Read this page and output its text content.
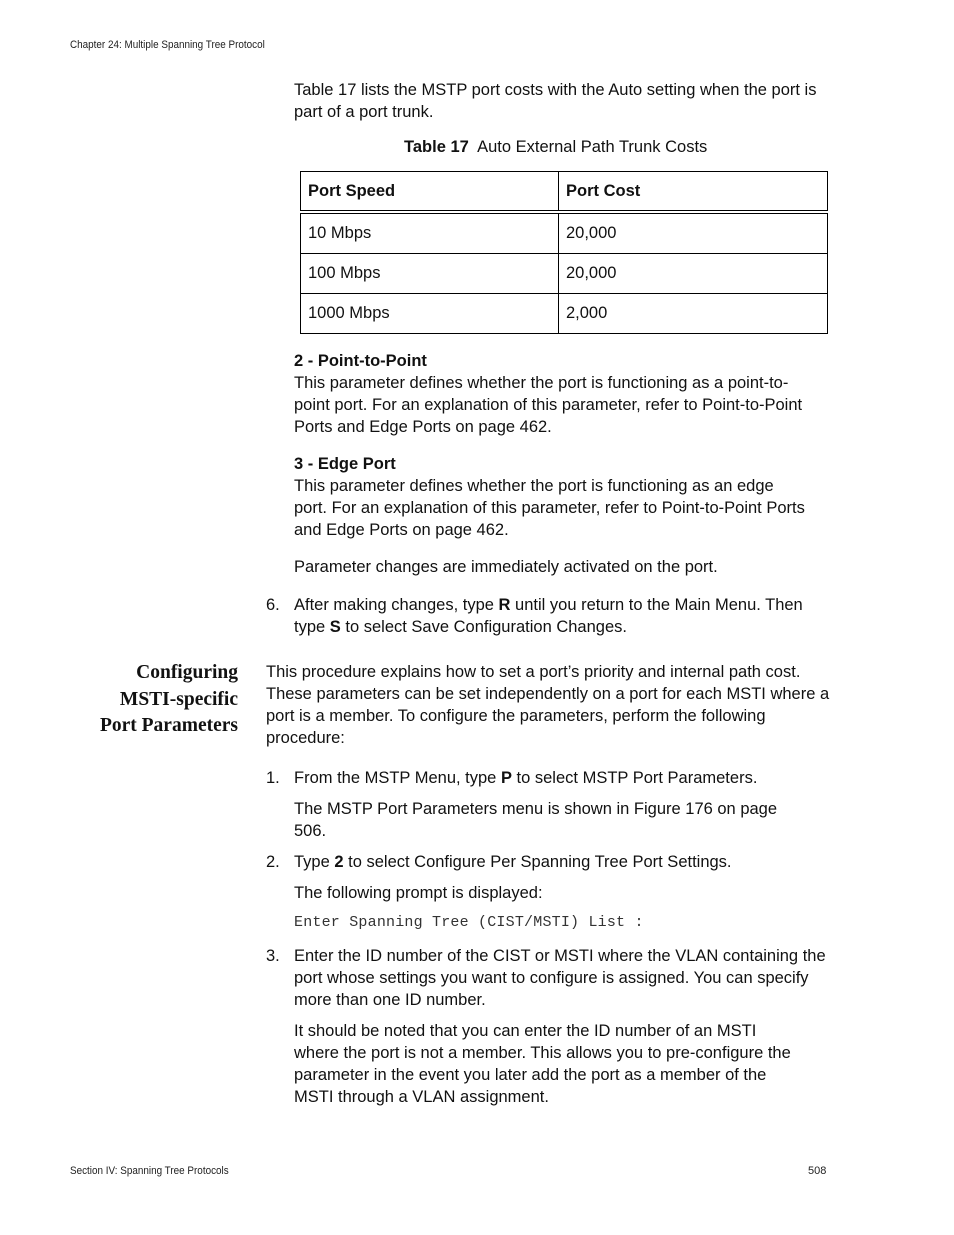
Chapter 24: Multiple Spanning Tree Protocol
Table 17 lists the MSTP port costs with the Auto setting when the port is part of a port trunk.
Table 17 Auto External Path Trunk Costs
Port Speed	Port Cost
10 Mbps	20,000
100 Mbps	20,000
1000 Mbps	2,000
2 - Point-to-Point
This parameter defines whether the port is functioning as a point-to-point port. For an explanation of this parameter, refer to Point-to-Point Ports and Edge Ports on page 462.
3 - Edge Port
This parameter defines whether the port is functioning as an edge port. For an explanation of this parameter, refer to Point-to-Point Ports and Edge Ports on page 462.
Parameter changes are immediately activated on the port.
6. After making changes, type R until you return to the Main Menu. Then type S to select Save Configuration Changes.
Configuring
MSTI-specific
Port Parameters
This procedure explains how to set a port’s priority and internal path cost. These parameters can be set independently on a port for each MSTI where a port is a member. To configure the parameters, perform the following procedure:
1. From the MSTP Menu, type P to select MSTP Port Parameters.
The MSTP Port Parameters menu is shown in Figure 176 on page 506.
2. Type 2 to select Configure Per Spanning Tree Port Settings.
The following prompt is displayed:
Enter Spanning Tree (CIST/MSTI) List :
3. Enter the ID number of the CIST or MSTI where the VLAN containing the port whose settings you want to configure is assigned. You can specify more than one ID number.
It should be noted that you can enter the ID number of an MSTI where the port is not a member. This allows you to pre-configure the parameter in the event you later add the port as a member of the MSTI through a VLAN assignment.
Section IV: Spanning Tree Protocols	508
